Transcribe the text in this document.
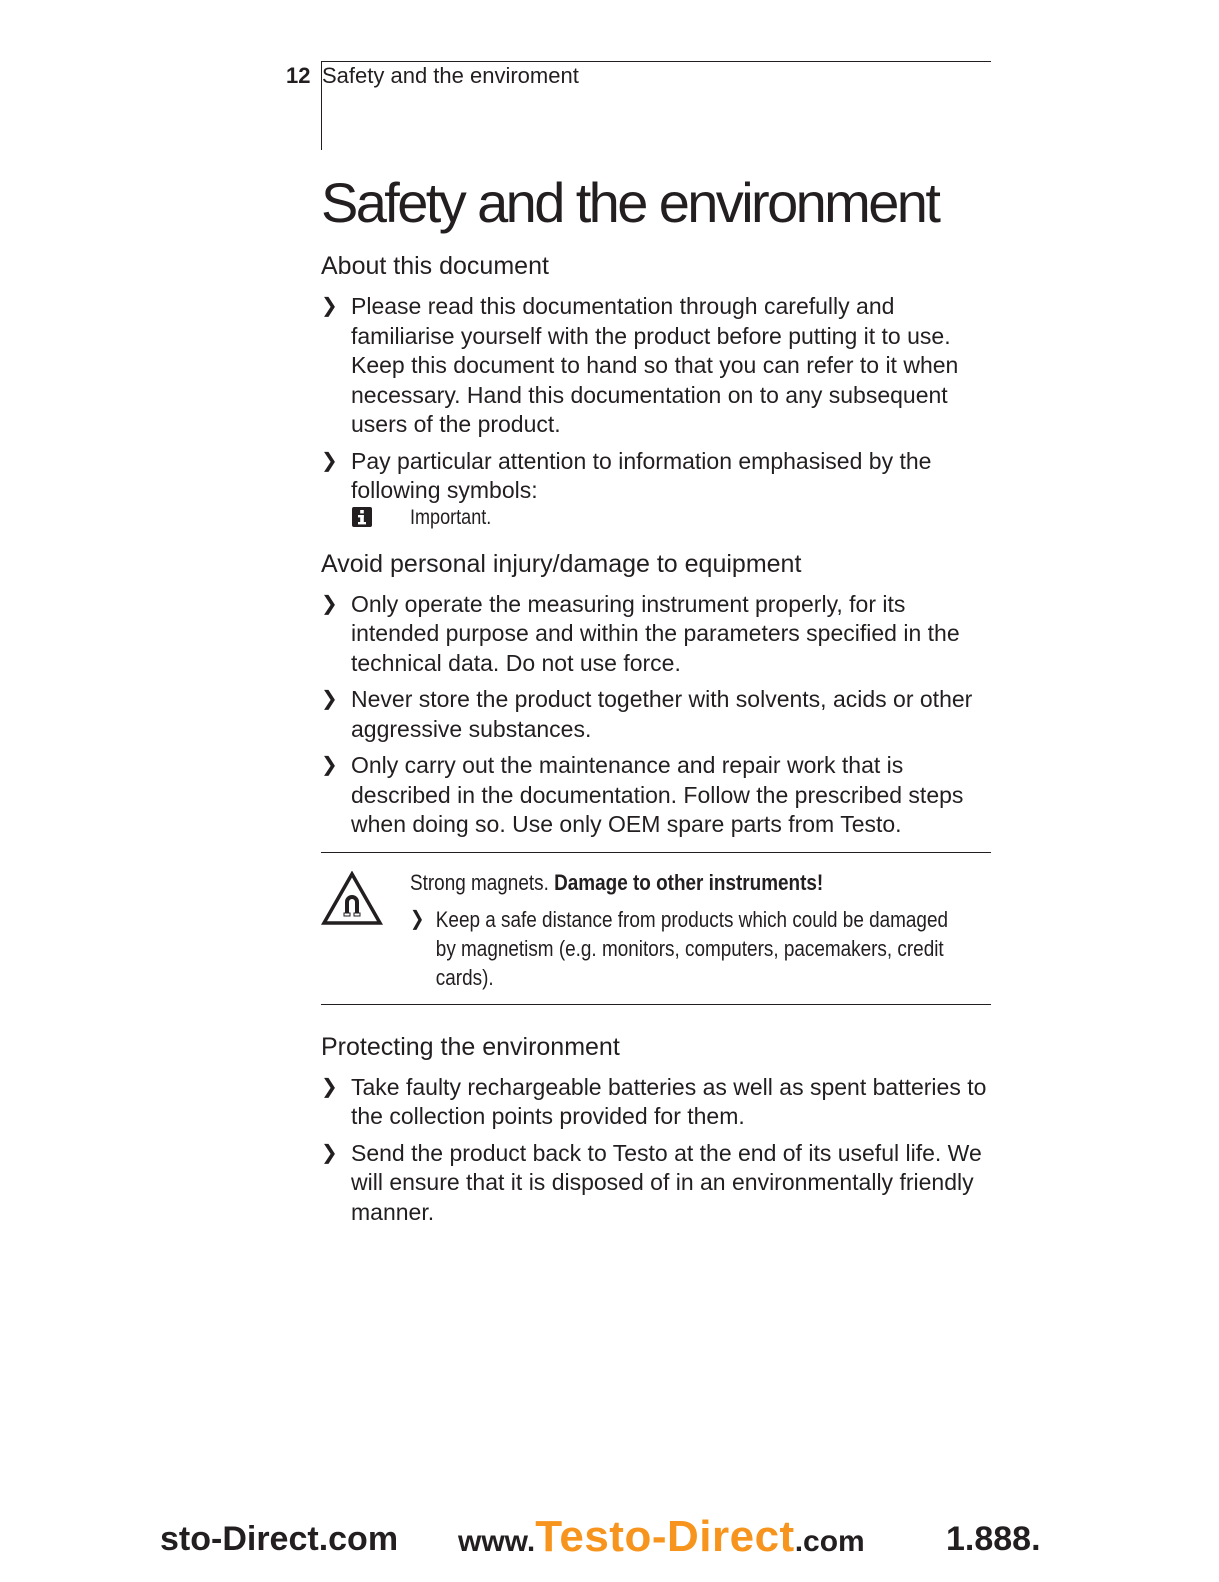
12 Safety and the enviroment
Safety and the environment
About this document
❯ Please read this documentation through carefully and familiarise yourself with the product before putting it to use. Keep this document to hand so that you can refer to it when necessary. Hand this documentation on to any subsequent users of the product.
❯ Pay particular attention to information emphasised by the following symbols:
Important.
Avoid personal injury/damage to equipment
❯ Only operate the measuring instrument properly, for its intended purpose and within the parameters specified in the technical data. Do not use force.
❯ Never store the product together with solvents, acids or other aggressive substances.
❯ Only carry out the maintenance and repair work that is described in the documentation. Follow the prescribed steps when doing so. Use only OEM spare parts from Testo.
Strong magnets. Damage to other instruments!
❯ Keep a safe distance from products which could be damaged by magnetism (e.g. monitors, computers, pacemakers, credit cards).
Protecting the environment
❯ Take faulty rechargeable batteries as well as spent batteries to the collection points provided for them.
❯ Send the product back to Testo at the end of its useful life. We will ensure that it is disposed of in an environmentally friendly manner.
sto-Direct.com www.Testo-Direct.com 1.888.
